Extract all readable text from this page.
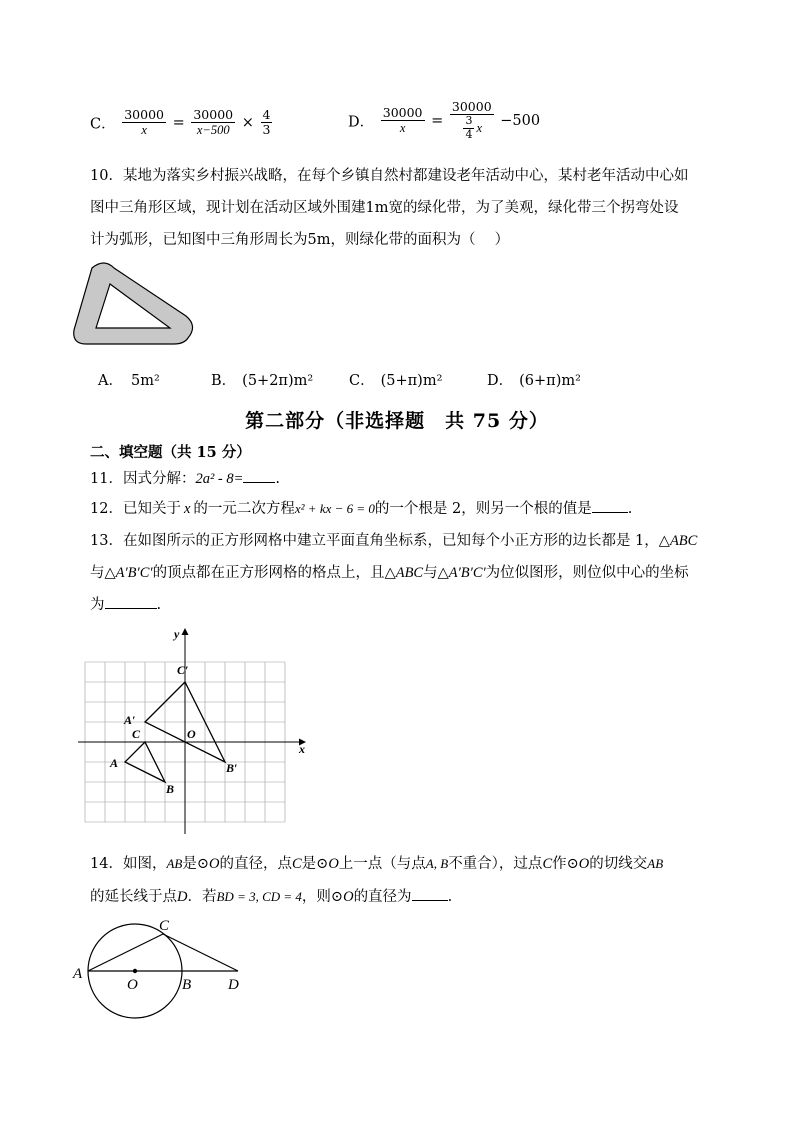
C． $\frac{30000}{x} = \frac{30000}{x-500} \times \frac{4}{3}$	D． $\frac{30000}{x} = \frac{30000}{\frac{3}{4} x} -500$
10．某地为落实乡村振兴战略，在每个乡镇自然村都建设老年活动中心，某村老年活动中心如
图中三角形区域，现计划在活动区域外围建1m宽的绿化带，为了美观，绿化带三个拐弯处设
计为弧形，已知图中三角形周长为5m，则绿化带的面积为（　 ）
A． 5m²	B． (5+2π)m² C． (5+π)m²	D． (6+π)m²
第二部分（非选择题　共 75 分）
二、填空题（共 15 分）
11．因式分解：2a² - 8= .
12．已知关于 x 的一元二次方程x² + kx − 6 = 0的一个根是 2，则另一个根的值是 .
13．在如图所示的正方形网格中建立平面直角坐标系，已知每个小正方形的边长都是 1，△ABC
与△A′B′C′的顶点都在正方形网格的格点上，且△ABC与△A′B′C′为位似图形，则位似中心的坐标
为	.
x
y
O
A
B
C
A′
B′
C′
14．如图，AB是⊙O的直径，点C是⊙O上一点（与点A, B不重合），过点C作⊙O的切线交AB
的延长线于点D．若BD = 3, CD = 4，则⊙O的直径为 .
A
O	B
C
D
